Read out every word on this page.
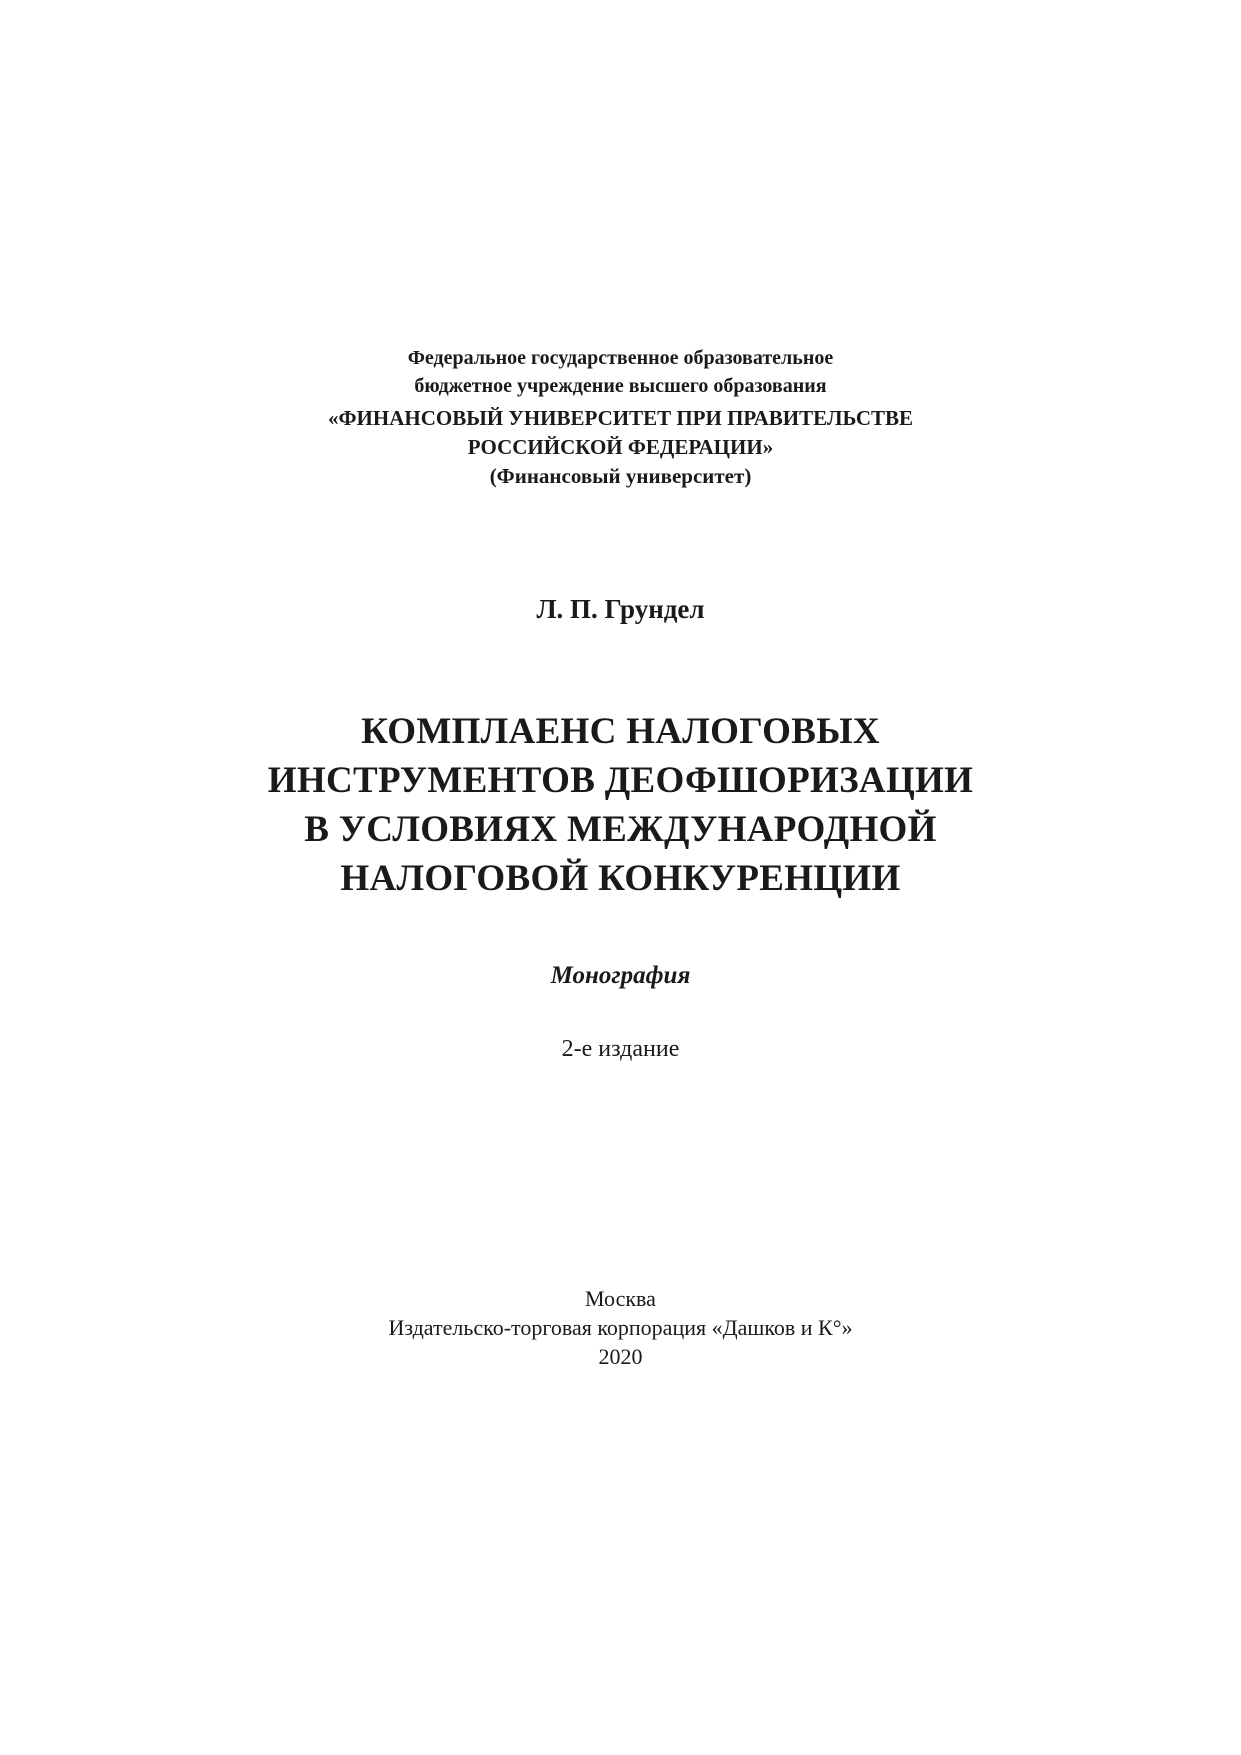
Федеральное государственное образовательное
бюджетное учреждение высшего образования
«ФИНАНСОВЫЙ УНИВЕРСИТЕТ ПРИ ПРАВИТЕЛЬСТВЕ
РОССИЙСКОЙ ФЕДЕРАЦИИ»
(Финансовый университет)
Л. П. Грундел
КОМПЛАЕНС НАЛОГОВЫХ
ИНСТРУМЕНТОВ ДЕОФШОРИЗАЦИИ
В УСЛОВИЯХ МЕЖДУНАРОДНОЙ
НАЛОГОВОЙ КОНКУРЕНЦИИ
Монография
2-е издание
Москва
Издательско-торговая корпорация «Дашков и К°»
2020
